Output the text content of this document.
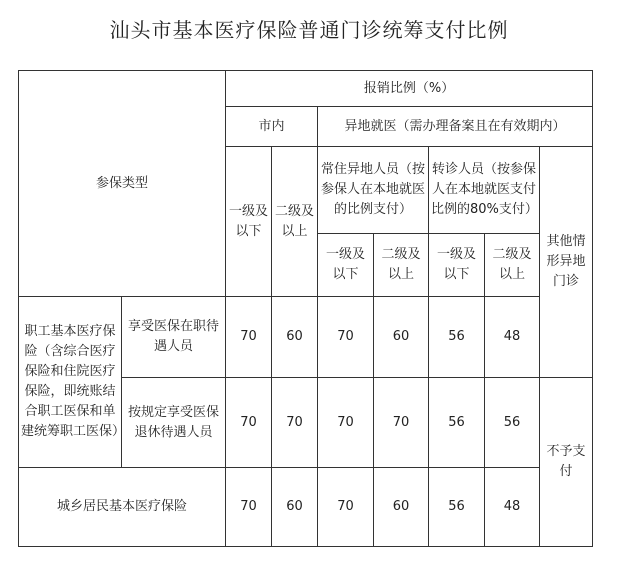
汕头市基本医疗保险普通门诊统筹支付比例
参保类型		报销比例（%）						
		市内		异地就医（需办理备案且在有效期内）				
		一级及以下	二级及以上	常住异地人员（按参保人在本地就医的比例支付）		转诊人员（按参保人在本地就医支付比例的80%支付）		其他情形异地门诊
				一级及以下	二级及以上	一级及以下	二级及以上	
职工基本医疗保险（含综合医疗保险和住院医疗保险，即统账结合职工医保和单建统筹职工医保）	享受医保在职待遇人员	70	60	70	60	56	48	
	按规定享受医保退休待遇人员	70	70	70	70	56	56	不予支付
城乡居民基本医疗保险		70	60	70	60	56	48	
